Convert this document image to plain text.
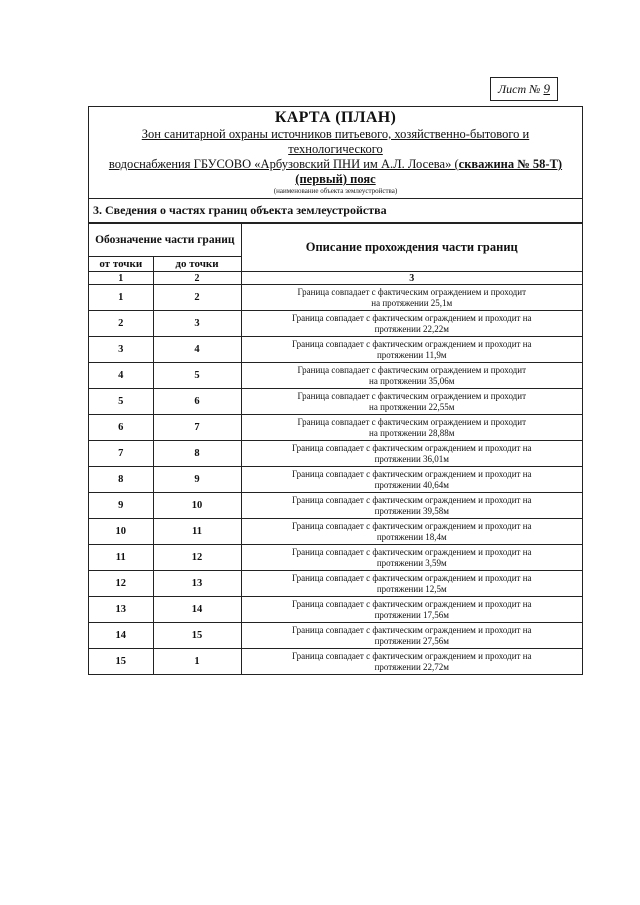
Лист № 9
КАРТА (ПЛАН)
Зон санитарной охраны источников питьевого, хозяйственно-бытового и технологического
водоснабжения ГБУСОВО «Арбузовский ПНИ им А.Л. Лосева» (скважина № 58-Т)
(первый) пояс
(наименование объекта землеустройства)
3. Сведения о частях границ объекта землеустройства
Обозначение части границ		Описание прохождения части границ
от точки	до точки	
1	2	3
1	2	Граница совпадает с фактическим ограждением и проходит
на протяжении 25,1м
2	3	Граница совпадает с фактическим ограждением и проходит на
протяжении 22,22м
3	4	Граница совпадает с фактическим ограждением и проходит на
протяжении 11,9м
4	5	Граница совпадает с фактическим ограждением и проходит
на протяжении 35,06м
5	6	Граница совпадает с фактическим ограждением и проходит
на протяжении 22,55м
6	7	Граница совпадает с фактическим ограждением и проходит
на протяжении 28,88м
7	8	Граница совпадает с фактическим ограждением и проходит на
протяжении 36,01м
8	9	Граница совпадает с фактическим ограждением и проходит на
протяжении 40,64м
9	10	Граница совпадает с фактическим ограждением и проходит на
протяжении 39,58м
10	11	Граница совпадает с фактическим ограждением и проходит на
протяжении 18,4м
11	12	Граница совпадает с фактическим ограждением и проходит на
протяжении 3,59м
12	13	Граница совпадает с фактическим ограждением и проходит на
протяжении 12,5м
13	14	Граница совпадает с фактическим ограждением и проходит на
протяжении 17,56м
14	15	Граница совпадает с фактическим ограждением и проходит на
протяжении 27,56м
15	1	Граница совпадает с фактическим ограждением и проходит на
протяжении 22,72м
